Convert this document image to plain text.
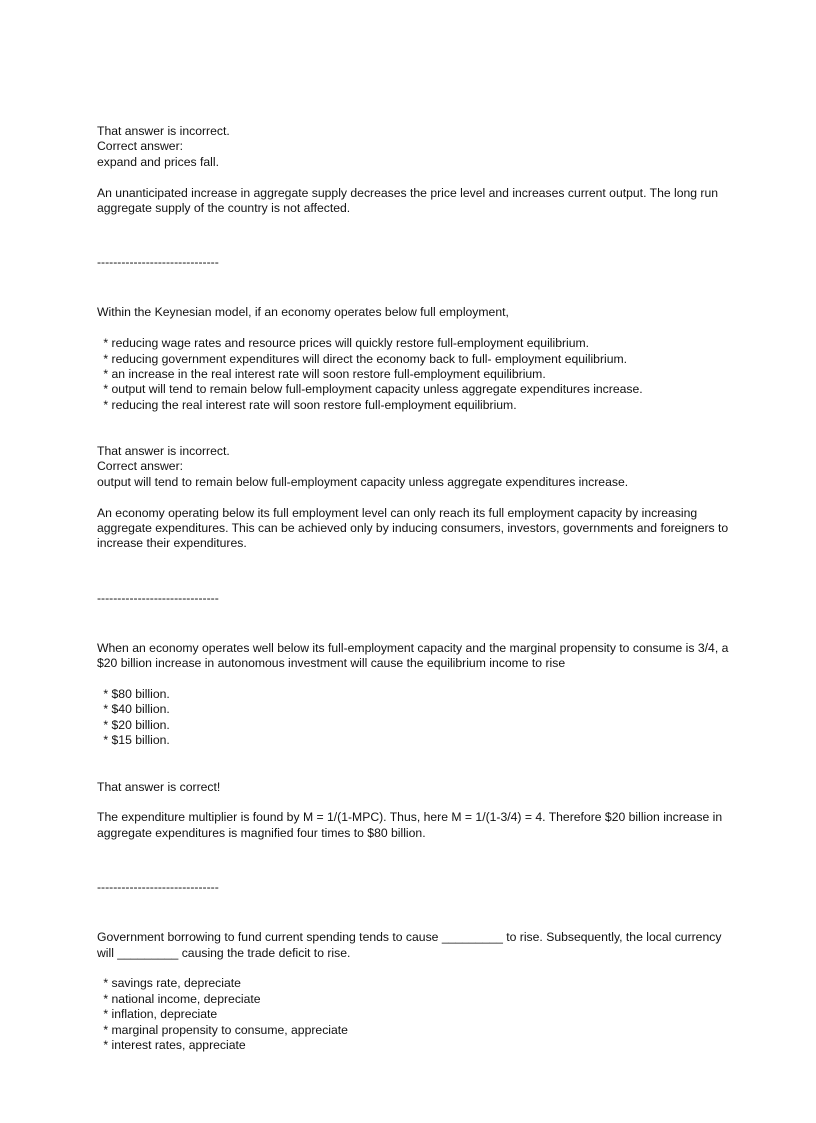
That answer is incorrect.
Correct answer:
expand and prices fall.
An unanticipated increase in aggregate supply decreases the price level and increases current output. The long run aggregate supply of the country is not affected.
------------------------------
Within the Keynesian model, if an economy operates below full employment,
* reducing wage rates and resource prices will quickly restore full-employment equilibrium.
* reducing government expenditures will direct the economy back to full- employment equilibrium.
* an increase in the real interest rate will soon restore full-employment equilibrium.
* output will tend to remain below full-employment capacity unless aggregate expenditures increase.
* reducing the real interest rate will soon restore full-employment equilibrium.
That answer is incorrect.
Correct answer:
output will tend to remain below full-employment capacity unless aggregate expenditures increase.
An economy operating below its full employment level can only reach its full employment capacity by increasing aggregate expenditures. This can be achieved only by inducing consumers, investors, governments and foreigners to increase their expenditures.
------------------------------
When an economy operates well below its full-employment capacity and the marginal propensity to consume is 3/4, a $20 billion increase in autonomous investment will cause the equilibrium income to rise
* $80 billion.
* $40 billion.
* $20 billion.
* $15 billion.
That answer is correct!
The expenditure multiplier is found by M = 1/(1-MPC). Thus, here M = 1/(1-3/4) = 4. Therefore $20 billion increase in aggregate expenditures is magnified four times to $80 billion.
------------------------------
Government borrowing to fund current spending tends to cause _________ to rise. Subsequently, the local currency will _________ causing the trade deficit to rise.
* savings rate, depreciate
* national income, depreciate
* inflation, depreciate
* marginal propensity to consume, appreciate
* interest rates, appreciate
